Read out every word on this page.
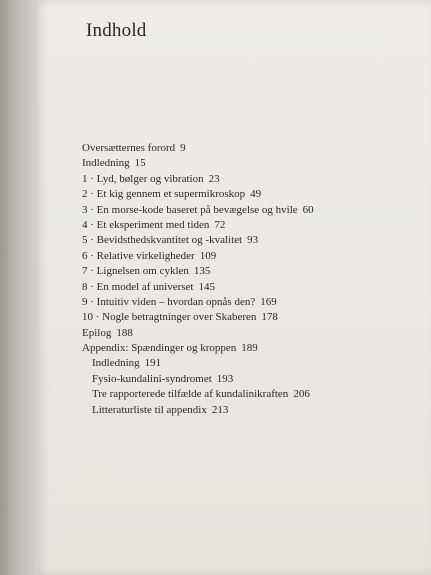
Indhold
Oversætternes forord 9
Indledning 15
1 · Lyd, bølger og vibration 23
2 · Et kig gennem et supermikroskop 49
3 · En morse-kode baseret på bevægelse og hvile 60
4 · Et eksperiment med tiden 72
5 · Bevidsthedskvantitet og -kvalitet 93
6 · Relative virkeligheder 109
7 · Lignelsen om cyklen 135
8 · En model af universet 145
9 · Intuitiv viden – hvordan opnås den? 169
10 · Nogle betragtninger over Skaberen 178
Epilog 188
Appendix: Spændinger og kroppen 189
Indledning 191
Fysio-kundalini-syndromet 193
Tre rapporterede tilfælde af kundalinikraften 206
Litteraturliste til appendix 213
